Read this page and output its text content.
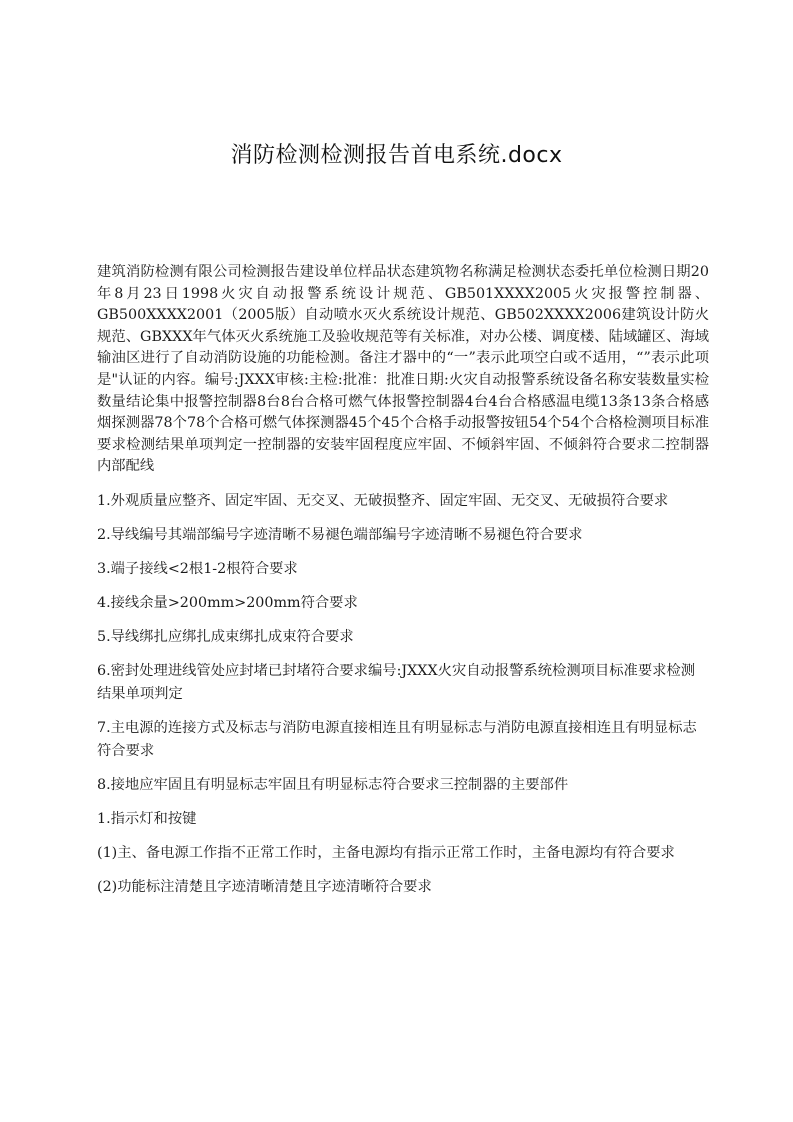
消防检测检测报告首电系统.docx

建筑消防检测有限公司检测报告建设单位样品状态建筑物名称满足检测状态委托单位检测日期20年8月23日1998火灾自动报警系统设计规范、GB501XXXX2005火灾报警控制器、GB500XXXX2001（2005版）自动喷水灭火系统设计规范、GB502XXXX2006建筑设计防火规范、GBXXX年气体灭火系统施工及验收规范等有关标准，对办公楼、调度楼、陆域罐区、海域输油区进行了自动消防设施的功能检测。备注才器中的“一”表示此项空白或不适用，“”表示此项是"认证的内容。编号:JXXX审核:主检:批准：批准日期:火灾自动报警系统设备名称安装数量实检数量结论集中报警控制器8台8台合格可燃气体报警控制器4台4台合格感温电缆13条13条合格感烟探测器78个78个合格可燃气体探测器45个45个合格手动报警按钮54个54个合格检测项目标准要求检测结果单项判定一控制器的安装牢固程度应牢固、不倾斜牢固、不倾斜符合要求二控制器内部配线

1.外观质量应整齐、固定牢固、无交叉、无破损整齐、固定牢固、无交叉、无破损符合要求

2.导线编号其端部编号字迹清晰不易褪色端部编号字迹清晰不易褪色符合要求

3.端子接线<2根1-2根符合要求

4.接线余量>200mm>200mm符合要求

5.导线绑扎应绑扎成束绑扎成束符合要求

6.密封处理进线管处应封堵已封堵符合要求编号:JXXX火灾自动报警系统检测项目标准要求检测结果单项判定

7.主电源的连接方式及标志与消防电源直接相连且有明显标志与消防电源直接相连且有明显标志符合要求

8.接地应牢固且有明显标志牢固且有明显标志符合要求三控制器的主要部件

1.指示灯和按键

(1)主、备电源工作指不正常工作时，主备电源均有指示正常工作时，主备电源均有符合要求

(2)功能标注清楚且字迹清晰清楚且字迹清晰符合要求
